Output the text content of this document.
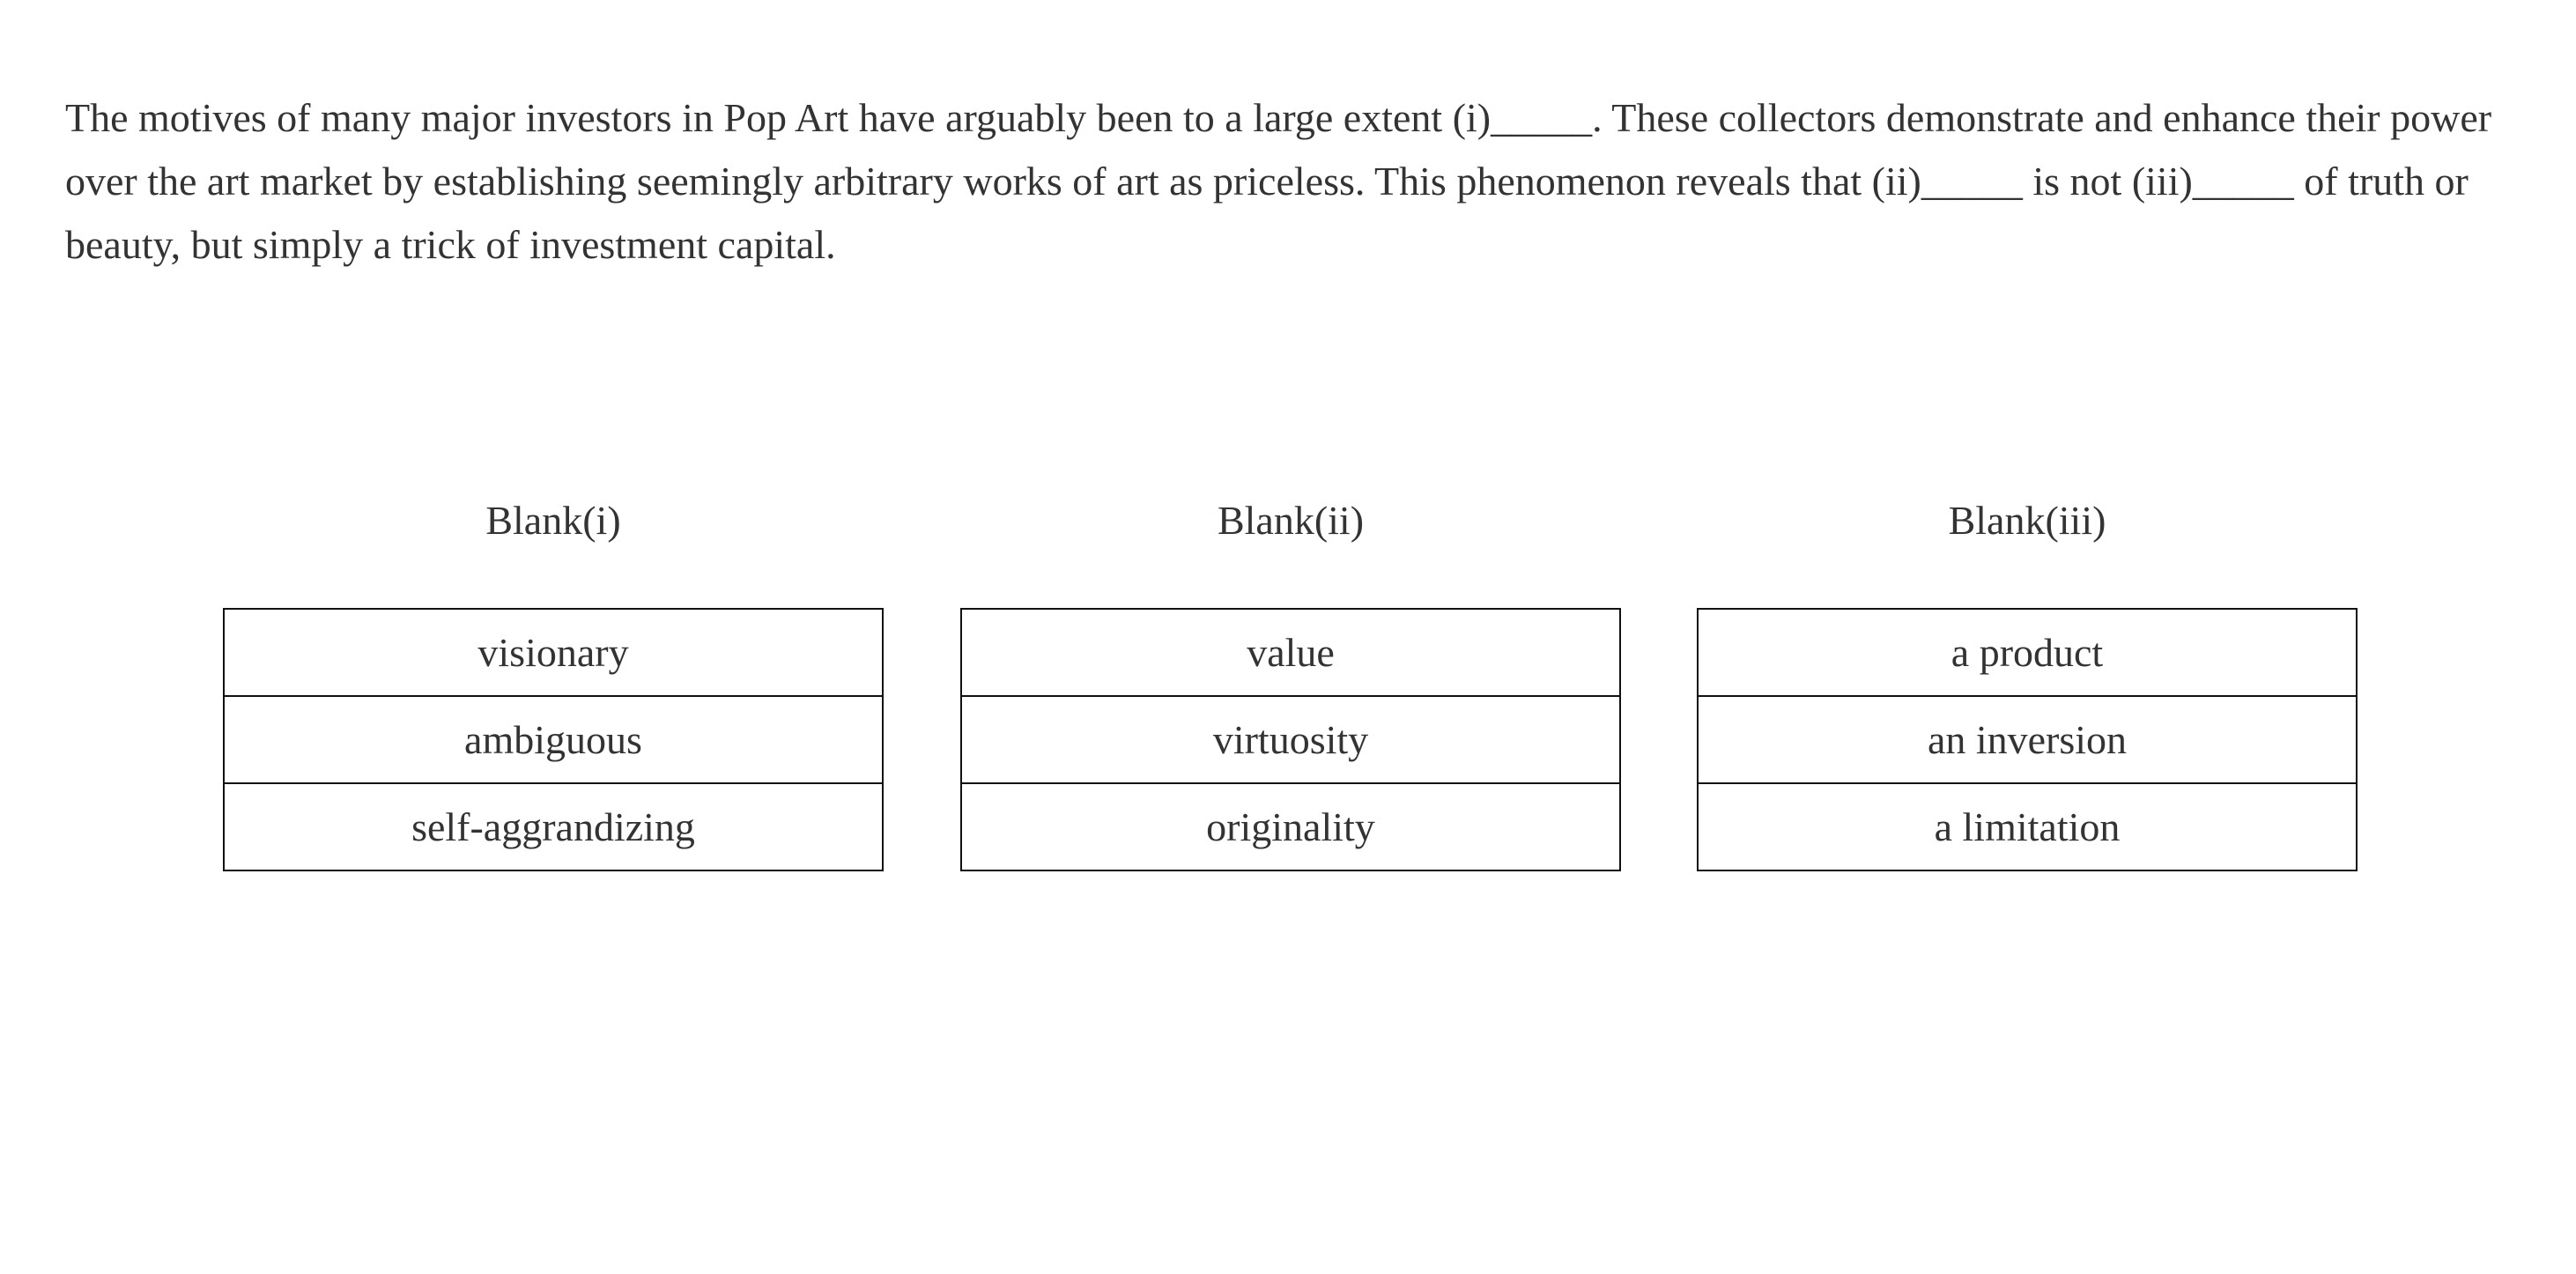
The motives of many major investors in Pop Art have arguably been to a large extent (i)_____. These collectors demonstrate and enhance their power over the art market by establishing seemingly arbitrary works of art as priceless. This phenomenon reveals that (ii)_____ is not (iii)_____ of truth or beauty, but simply a trick of investment capital.

Blank(i)
visionary
ambiguous
self-aggrandizing
Blank(ii)
value
virtuosity
originality
Blank(iii)
a product
an inversion
a limitation
